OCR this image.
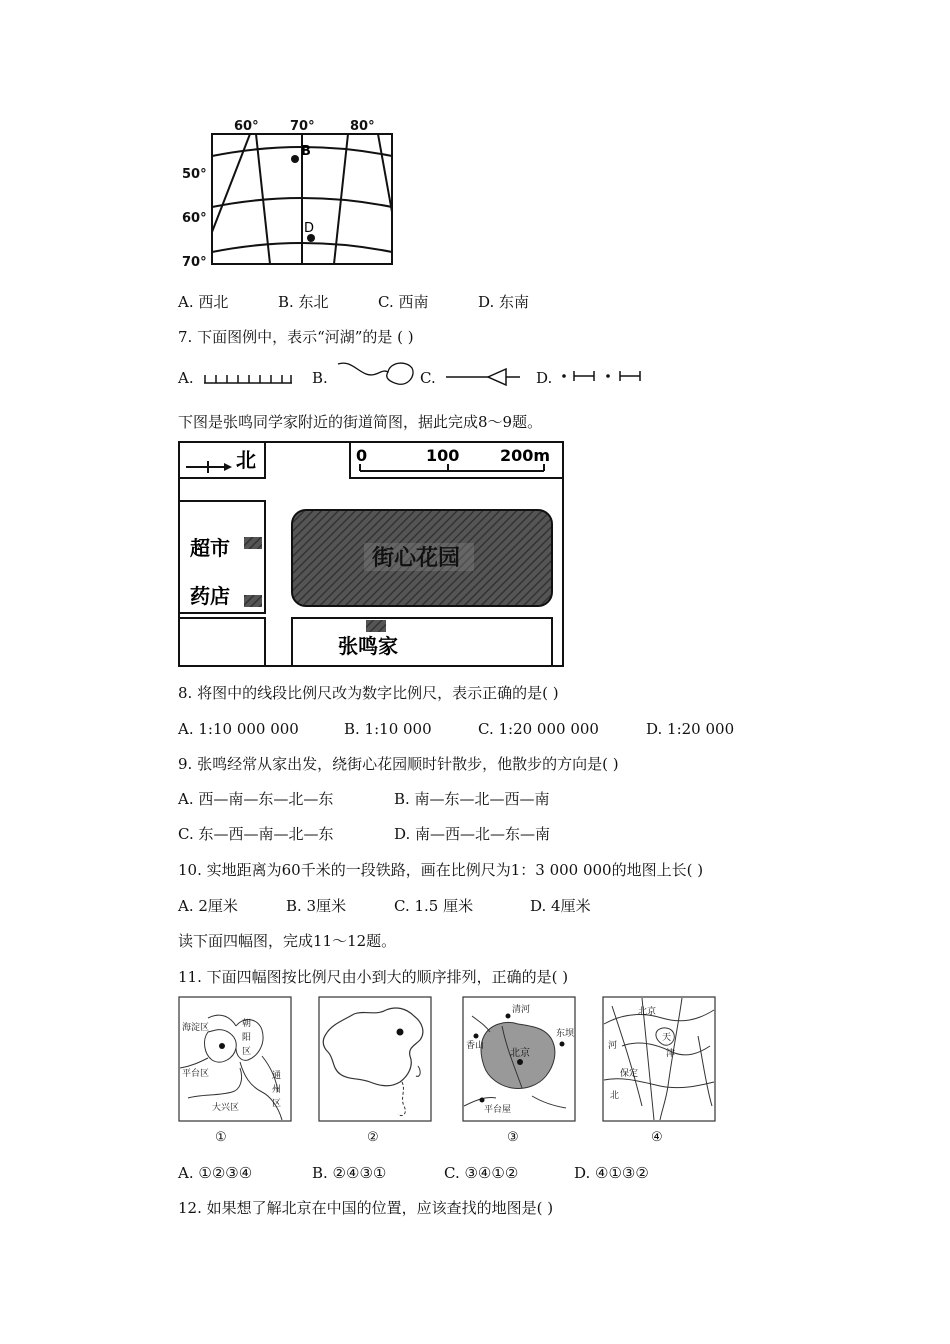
60° 70°	80°
50°
60°
70°
B
D
A. 西北	B. 东北	C. 西南	D. 东南
7. 下面图例中，表示“河湖”的是 ( )
A.	B.	C.	D.
下图是张鸣同学家附近的街道简图，据此完成8～9题。
北	0	100	200m
超市
药店
街心花园
张鸣家
8. 将图中的线段比例尺改为数字比例尺，表示正确的是( )
A. 1:10 000 000	B. 1:10 000	C. 1:20 000 000	D. 1:20 000
9. 张鸣经常从家出发，绕街心花园顺时针散步，他散步的方向是( )
A. 西—南—东—北—东	B. 南—东—北—西—南
C. 东—西—南—北—东	D. 南—西—北—东—南
10. 实地距离为60千米的一段铁路，画在比例尺为1：3 000 000的地图上长( )
A. 2厘米	B. 3厘米	C. 1.5 厘米	D. 4厘米
读下面四幅图，完成11～12题。
11. 下面四幅图按比例尺由小到大的顺序排列，正确的是( )
海淀区	朝
阳
区
平台区	通
州
区
大兴区
清河
东坝
香山
北京
平台屋
北京
河
天
津
保定
北
①	②	③	④
A. ①②③④	B. ②④③①	C. ③④①②	D. ④①③②
12. 如果想了解北京在中国的位置，应该查找的地图是( )
